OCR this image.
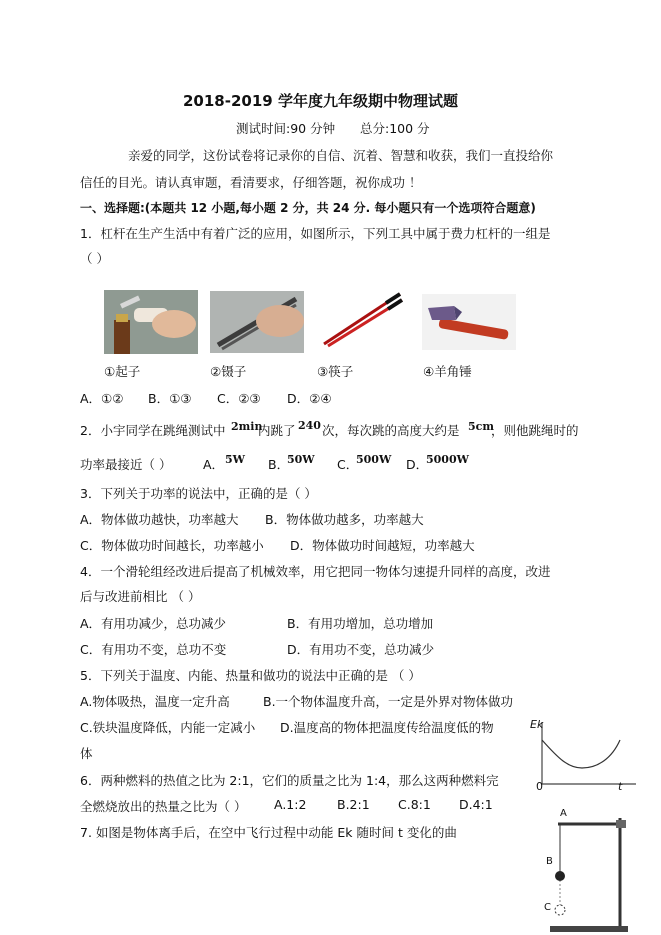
2018-2019 学年度九年级期中物理试题
测试时间:90 分钟 总分:100 分
亲爱的同学，这份试卷将记录你的自信、沉着、智慧和收获，我们一直投给你
信任的目光。请认真审题，看清要求，仔细答题，祝你成功 ！
一、选择题:(本题共 12 小题,每小题 2 分，共 24 分. 每小题只有一个选项符合题意)
1．杠杆在生产生活中有着广泛的应用，如图所示，下列工具中属于费力杠杆的一组是
（ ）
①起子	②镊子	③筷子	④羊角锤
A．①② B．①③ C．②③ D．②④
2．小宇同学在跳绳测试中 2min
内跳了 240 次，每次跳的高度大约是 5cm
，则他跳绳时的
功率最接近（ ）	A． 5W B．
50W C．
500W D．
5000W
3．下列关于功率的说法中，正确的是（ ）
A．物体做功越快，功率越大 B．物体做功越多，功率越大
C．物体做功时间越长，功率越小 D．物体做功时间越短，功率越大
4．一个滑轮组经改进后提高了机械效率，用它把同一物体匀速提升同样的高度，改进
后与改进前相比 （ ）
A．有用功减少，总功减少	B．有用功增加，总功增加
C．有用功不变，总功不变	D．有用功不变，总功减少
5．下列关于温度、内能、热量和做功的说法中正确的是 （ ）
A.物体吸热，温度一定升高	B.一个物体温度升高，一定是外界对物体做功
C.铁块温度降低，内能一定减小 D.温度高的物体把温度传给温度低的物
体
6．两种燃料的热值之比为 2:1，它们的质量之比为 1:4，那么这两种燃料完
全燃烧放出的热量之比为（ ） A.1:2 B.2:1 C.8:1 D.4:1
7. 如图是物体离手后，在空中飞行过程中动能 Ek 随时间 t 变化的曲
Ek
t
0
A
B
C
